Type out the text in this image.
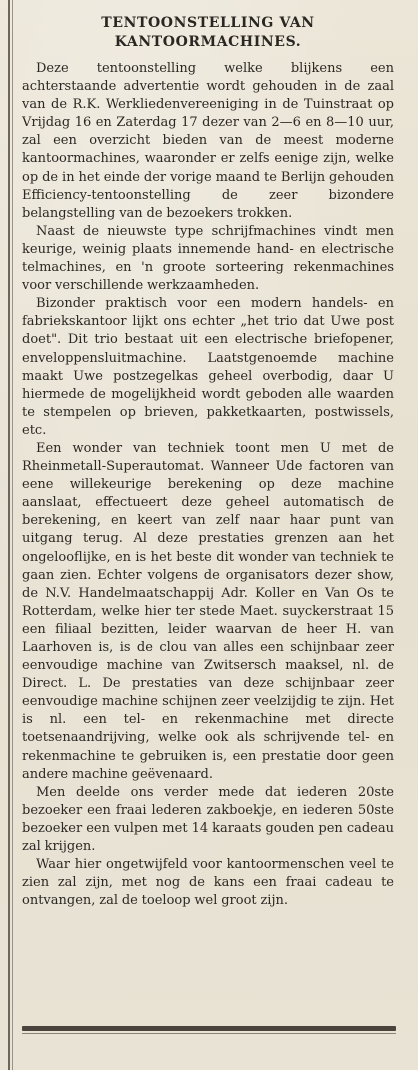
TENTOONSTELLING VAN
KANTOORMACHINES.

Deze tentoonstelling welke blijkens een achterstaande advertentie wordt gehouden in de zaal van de R.K. Werkliedenvereeniging in de Tuinstraat op Vrijdag 16 en Zaterdag 17 dezer van 2—6 en 8—10 uur, zal een overzicht bieden van de meest moderne kantoormachines, waaronder er zelfs eenige zijn, welke op de in het einde der vorige maand te Berlijn gehouden Efficiency-tentoonstelling de zeer bizondere belangstelling van de bezoekers trokken.

Naast de nieuwste type schrijfmachines vindt men keurige, weinig plaats innemende hand- en electrische telmachines, en 'n groote sorteering rekenmachines voor verschillende werkzaamheden.

Bizonder praktisch voor een modern handels- en fabriekskantoor lijkt ons echter „het trio dat Uwe post doet". Dit trio bestaat uit een electrische briefopener, enveloppensluitmachine. Laatstgenoemde machine maakt Uwe postzegelkas geheel overbodig, daar U hiermede de mogelijkheid wordt geboden alle waarden te stempelen op brieven, pakketkaarten, postwissels, etc.

Een wonder van techniek toont men U met de Rheinmetall-Superautomat. Wanneer Ude factoren van eene willekeurige berekening op deze machine aanslaat, effectueert deze geheel automatisch de berekening, en keert van zelf naar haar punt van uitgang terug. Al deze prestaties grenzen aan het ongelooflijke, en is het beste dit wonder van techniek te gaan zien. Echter volgens de organisators dezer show, de N.V. Handelmaatschappij Adr. Koller en Van Os te Rotterdam, welke hier ter stede Maet. suyckerstraat 15 een filiaal bezitten, leider waarvan de heer H. van Laarhoven is, is de clou van alles een schijnbaar zeer eenvoudige machine van Zwitsersch maaksel, nl. de Direct. L. De prestaties van deze schijnbaar zeer eenvoudige machine schijnen zeer veelzijdig te zijn. Het is nl. een tel- en rekenmachine met directe toetsenaandrijving, welke ook als schrijvende tel- en rekenmachine te gebruiken is, een prestatie door geen andere machine geëvenaard.

Men deelde ons verder mede dat iederen 20ste bezoeker een fraai lederen zakboekje, en iederen 50ste bezoeker een vulpen met 14 karaats gouden pen cadeau zal krijgen.

Waar hier ongetwijfeld voor kantoormenschen veel te zien zal zijn, met nog de kans een fraai cadeau te ontvangen, zal de toeloop wel groot zijn.
